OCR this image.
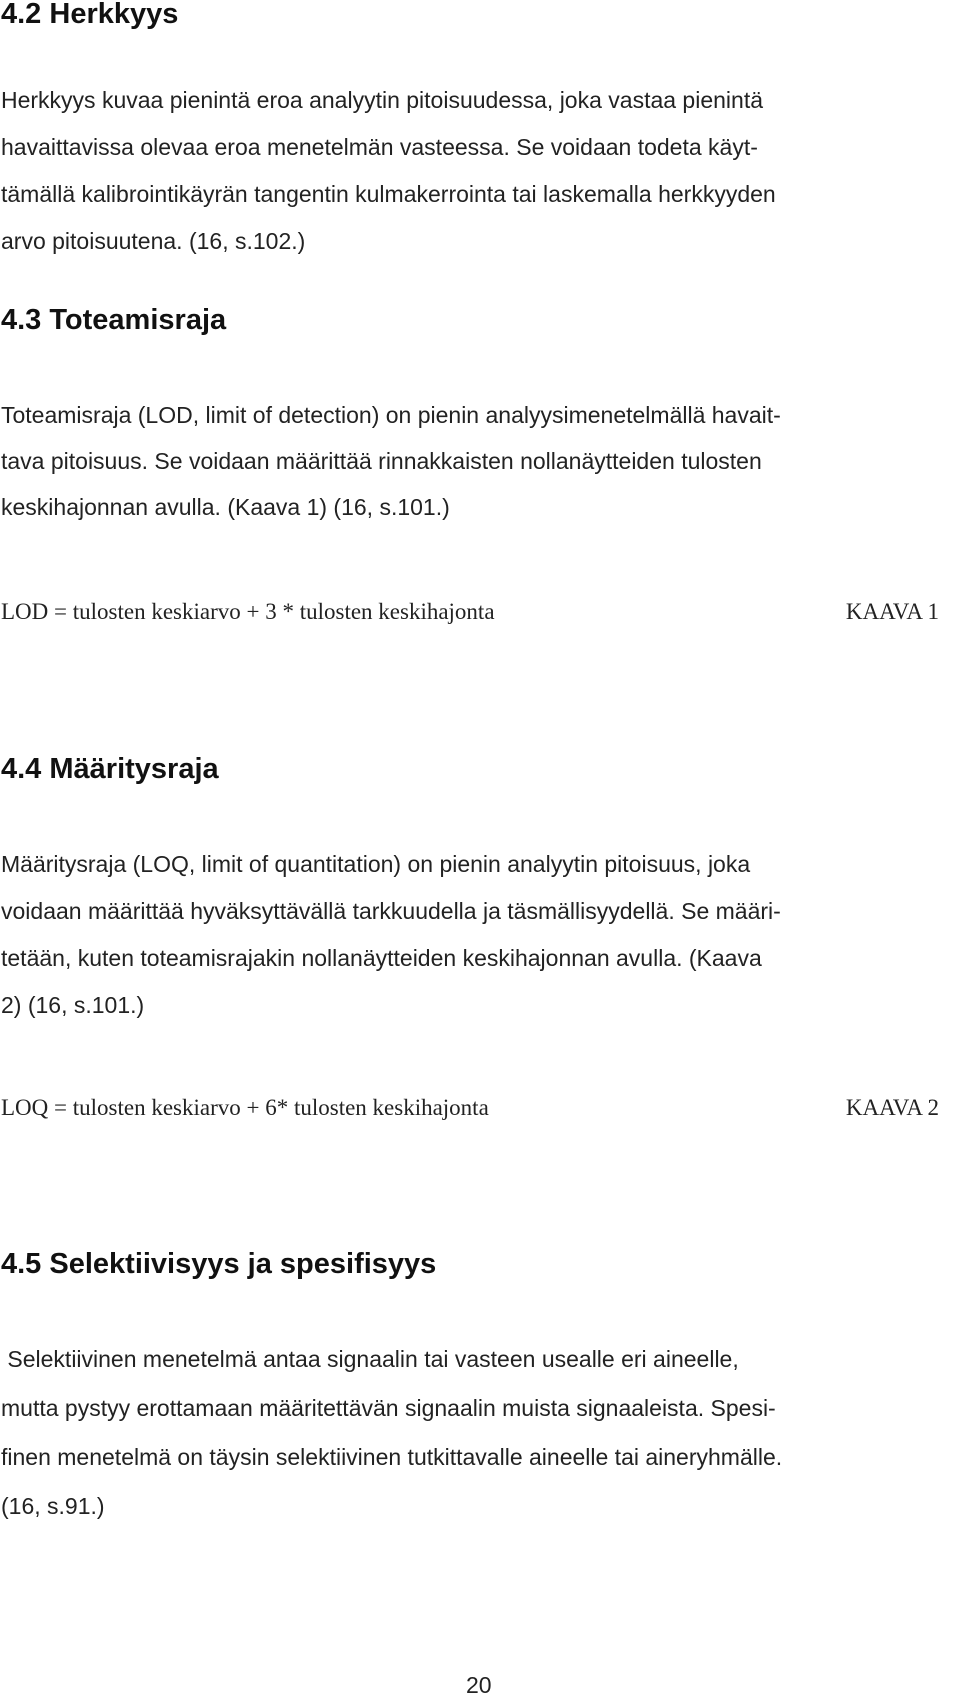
4.2 Herkkyys
Herkkyys kuvaa pienintä eroa analyytin pitoisuudessa, joka vastaa pienintä
havaittavissa olevaa eroa menetelmän vasteessa. Se voidaan todeta käyt-
tämällä kalibrointikäyrän tangentin kulmakerrointa tai laskemalla herkkyyden
arvo pitoisuutena. (16, s.102.)
4.3 Toteamisraja
Toteamisraja (LOD, limit of detection) on pienin analyysimenetelmällä havait-
tava pitoisuus. Se voidaan määrittää rinnakkaisten nollanäytteiden tulosten
keskihajonnan avulla. (Kaava 1) (16, s.101.)
LOD = tulosten keskiarvo + 3 * tulosten keskihajonta	KAAVA 1
4.4 Määritysraja
Määritysraja (LOQ, limit of quantitation) on pienin analyytin pitoisuus, joka
voidaan määrittää hyväksyttävällä tarkkuudella ja täsmällisyydellä. Se määri-
tetään, kuten toteamisrajakin nollanäytteiden keskihajonnan avulla. (Kaava
2) (16, s.101.)
LOQ = tulosten keskiarvo + 6* tulosten keskihajonta	KAAVA 2
4.5 Selektiivisyys ja spesifisyys
Selektiivinen menetelmä antaa signaalin tai vasteen usealle eri aineelle,
mutta pystyy erottamaan määritettävän signaalin muista signaaleista. Spesi-
finen menetelmä on täysin selektiivinen tutkittavalle aineelle tai aineryhmälle.
(16, s.91.)
20
